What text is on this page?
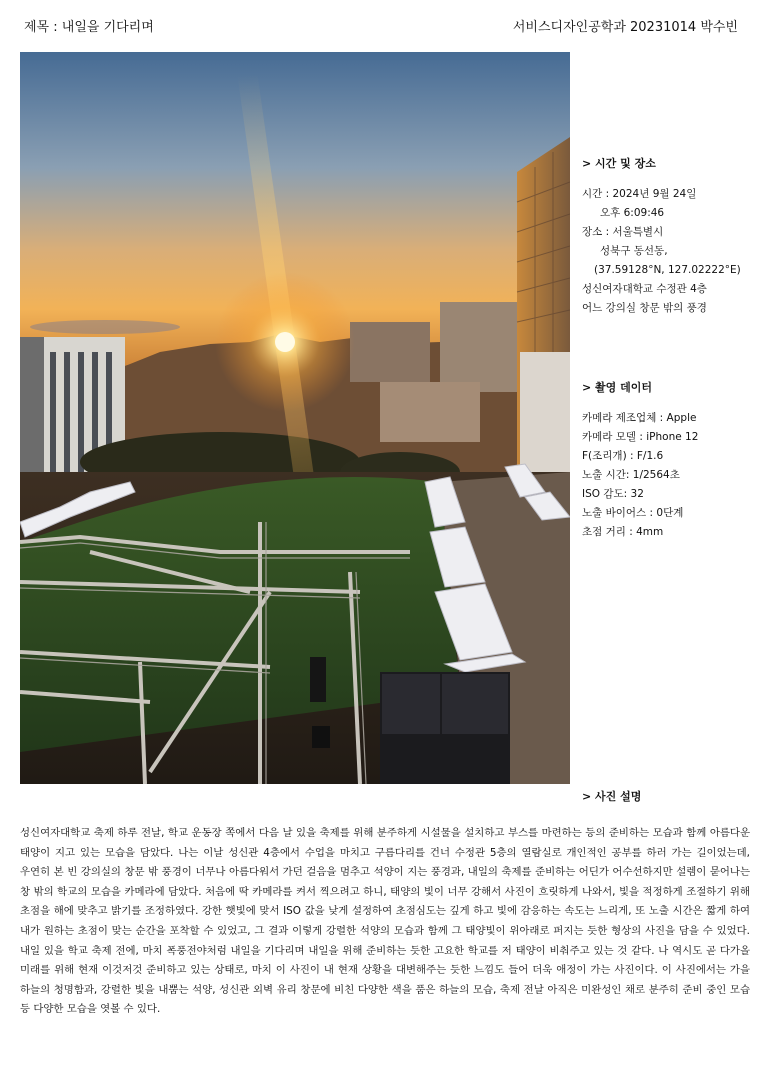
제목 : 내일을 기다리며	서비스디자인공학과 20231014 박수빈
> 시간 및 장소
시간 : 2024년 9월 24일
오후 6:09:46
장소 : 서울특별시
성북구 동선동,
(37.59128°N, 127.02222°E)
성신여자대학교 수정관 4층
어느 강의실 창문 밖의 풍경
> 촬영 데이터
카메라 제조업체 : Apple
카메라 모델 : iPhone 12
F(조리개) : F/1.6
노출 시간: 1/2564초
ISO 감도: 32
노출 바이어스 : 0단계
초점 거리 : 4mm
> 사진 설명
성신여자대학교 축제 하루 전날, 학교 운동장 쪽에서 다음 날 있을 축제를 위해 분주하게 시설물을 설치하고 부스를 마련하는 등의 준비하는 모습과 함께 아름다운 태양이 지고 있는 모습을 담았다. 나는 이날 성신관 4층에서 수업을 마치고 구름다리를 건너 수정관 5층의 열람실로 개인적인 공부를 하러 가는 길이었는데, 우연히 본 빈 강의실의 창문 밖 풍경이 너무나 아름다워서 가던 걸음을 멈추고 석양이 지는 풍경과, 내일의 축제를 준비하는 어딘가 어수선하지만 설렘이 묻어나는 창 밖의 학교의 모습을 카메라에 담았다. 처음에 딱 카메라를 켜서 찍으려고 하니, 태양의 빛이 너무 강해서 사진이 흐릿하게 나와서, 빛을 적정하게 조절하기 위해 초점을 해에 맞추고 밝기를 조정하였다. 강한 햇빛에 맞서 ISO 값을 낮게 설정하여 초점심도는 깊게 하고 빛에 감응하는 속도는 느리게, 또 노출 시간은 짧게 하여 내가 원하는 초점이 맞는 순간을 포착할 수 있었고, 그 결과 이렇게 강렬한 석양의 모습과 함께 그 태양빛이 위아래로 퍼지는 듯한 형상의 사진을 담을 수 있었다. 내일 있을 학교 축제 전에, 마치 폭풍전야처럼 내일을 기다리며 내일을 위해 준비하는 듯한 고요한 학교를 저 태양이 비춰주고 있는 것 같다. 나 역시도 곧 다가올 미래를 위해 현재 이것저것 준비하고 있는 상태로, 마치 이 사진이 내 현재 상황을 대변해주는 듯한 느낌도 들어 더욱 애정이 가는 사진이다. 이 사진에서는 가을 하늘의 청명함과, 강렬한 빛을 내뿜는 석양, 성신관 외벽 유리 창문에 비친 다양한 색을 품은 하늘의 모습, 축제 전날 아직은 미완성인 채로 분주히 준비 중인 모습 등 다양한 모습을 엿볼 수 있다.
